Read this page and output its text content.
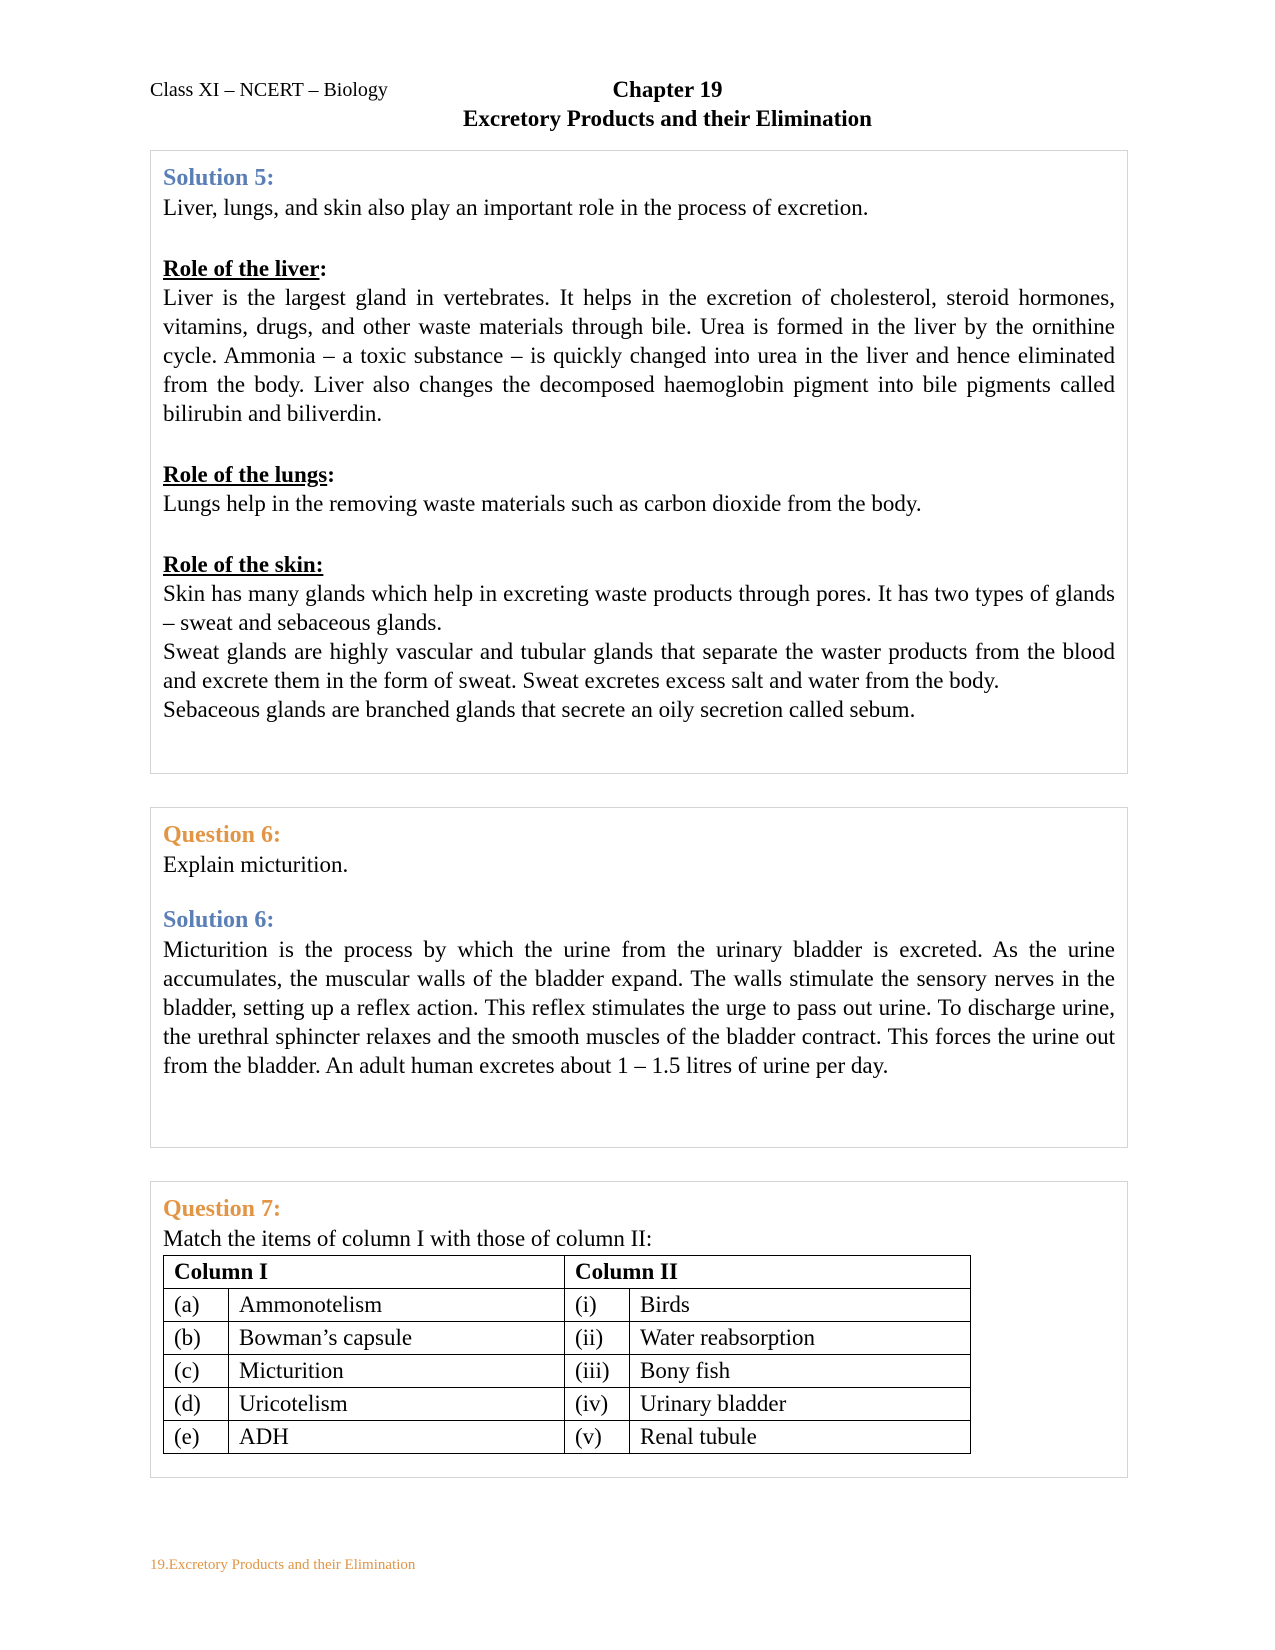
Class XI – NCERT – Biology	Chapter 19
Excretory Products and their Elimination
Solution 5:

Liver, lungs, and skin also play an important role in the process of excretion.

Role of the liver:

Liver is the largest gland in vertebrates. It helps in the excretion of cholesterol, steroid hormones, vitamins, drugs, and other waste materials through bile. Urea is formed in the liver by the ornithine cycle. Ammonia – a toxic substance – is quickly changed into urea in the liver and hence eliminated from the body. Liver also changes the decomposed haemoglobin pigment into bile pigments called bilirubin and biliverdin.

Role of the lungs:

Lungs help in the removing waste materials such as carbon dioxide from the body.

Role of the skin:

Skin has many glands which help in excreting waste products through pores. It has two types of glands – sweat and sebaceous glands.

Sweat glands are highly vascular and tubular glands that separate the waster products from the blood and excrete them in the form of sweat. Sweat excretes excess salt and water from the body.

Sebaceous glands are branched glands that secrete an oily secretion called sebum.

Question 6:

Explain micturition.

Solution 6:

Micturition is the process by which the urine from the urinary bladder is excreted. As the urine accumulates, the muscular walls of the bladder expand. The walls stimulate the sensory nerves in the bladder, setting up a reflex action. This reflex stimulates the urge to pass out urine. To discharge urine, the urethral sphincter relaxes and the smooth muscles of the bladder contract. This forces the urine out from the bladder. An adult human excretes about 1 – 1.5 litres of urine per day.

Question 7:

Match the items of column I with those of column II:

Column I		Column II	
(a)	Ammonotelism	(i)	Birds
(b)	Bowman’s capsule	(ii)	Water reabsorption
(c)	Micturition	(iii)	Bony fish
(d)	Uricotelism	(iv)	Urinary bladder
(e)	ADH	(v)	Renal tubule
19.Excretory Products and their Elimination
